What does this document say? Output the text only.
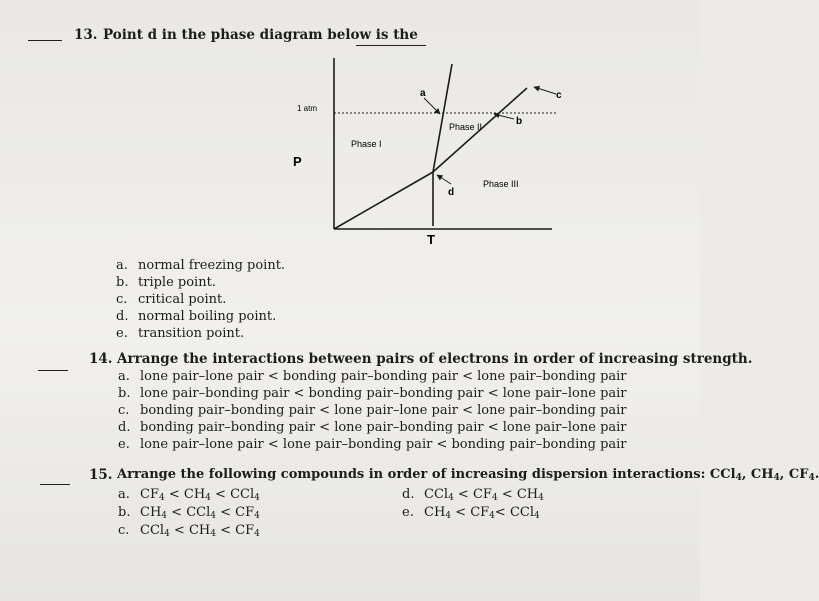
13. Point d in the phase diagram below is the
1 atm
Phase I
Phase II
Phase III
P
T
a
b
c
d
a. normal freezing point.
b. triple point.
c. critical point.
d. normal boiling point.
e. transition point.
14. Arrange the interactions between pairs of electrons in order of increasing strength.
a. lone pair–lone pair < bonding pair–bonding pair < lone pair–bonding pair
b. lone pair–bonding pair < bonding pair–bonding pair < lone pair–lone pair
c. bonding pair–bonding pair < lone pair–lone pair < lone pair–bonding pair
d. bonding pair–bonding pair < lone pair–bonding pair < lone pair–lone pair
e. lone pair–lone pair < lone pair–bonding pair < bonding pair–bonding pair
15. Arrange the following compounds in order of increasing dispersion interactions: CCl$_4$, $CH_4$, $CF_4$.
a. $CF_4 < CH_4 < CCl_4$
b. $CH_4 < CCl_4 < CF_4$
c. $CCl_4 < CH_4 < CF_4$
d. $CCl_4 < CF_4 < CH_4$
e. $CH_4 < CF_4< CCl_4$
